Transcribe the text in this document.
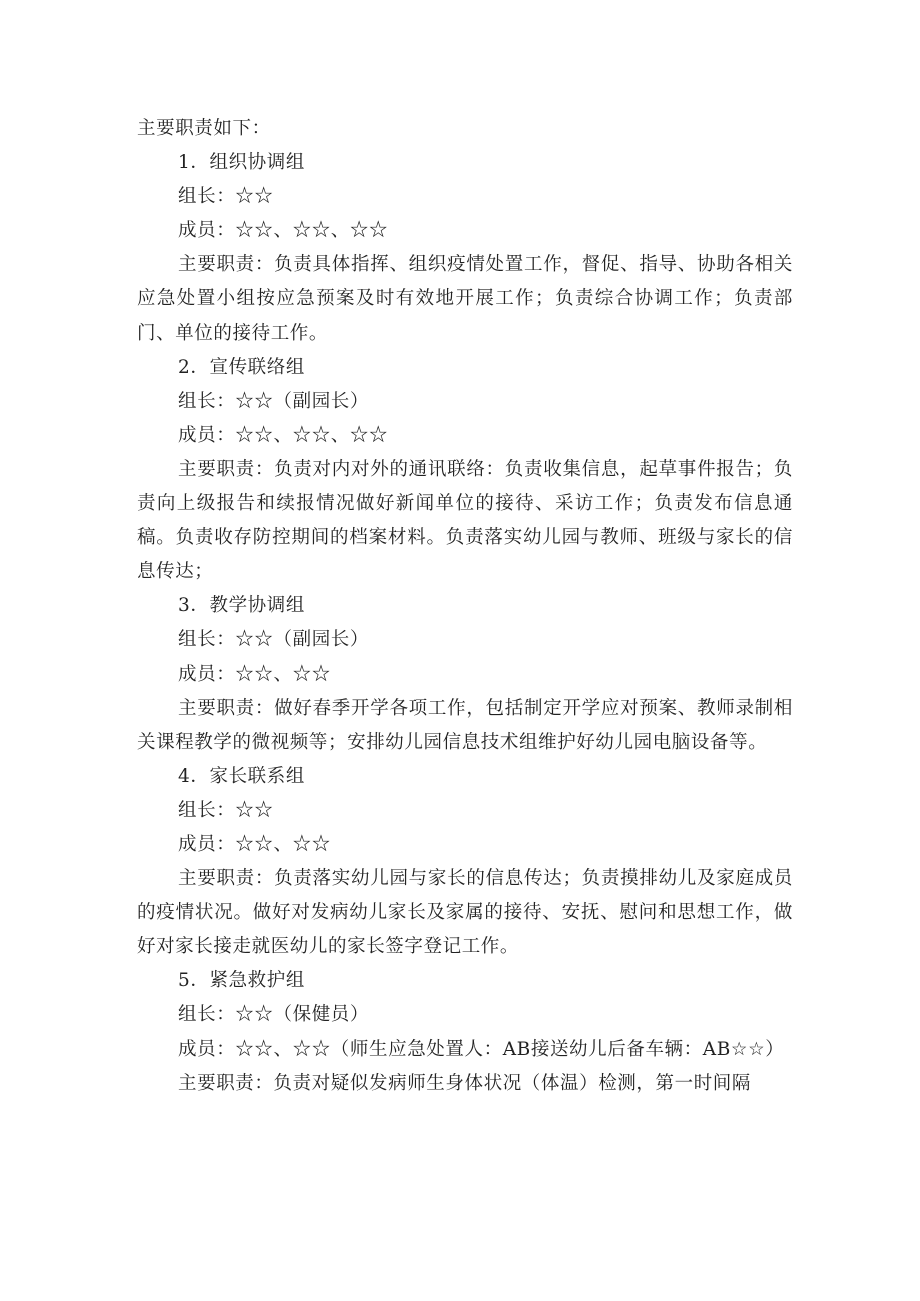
主要职责如下：

1．组织协调组

组长：☆☆

成员：☆☆、☆☆、☆☆

主要职责：负责具体指挥、组织疫情处置工作，督促、指导、协助各相关应急处置小组按应急预案及时有效地开展工作；负责综合协调工作；负责部门、单位的接待工作。

2．宣传联络组

组长：☆☆（副园长）

成员：☆☆、☆☆、☆☆

主要职责：负责对内对外的通讯联络：负责收集信息，起草事件报告；负责向上级报告和续报情况做好新闻单位的接待、采访工作；负责发布信息通稿。负责收存防控期间的档案材料。负责落实幼儿园与教师、班级与家长的信息传达；

3．教学协调组

组长：☆☆（副园长）

成员：☆☆、☆☆

主要职责：做好春季开学各项工作，包括制定开学应对预案、教师录制相关课程教学的微视频等；安排幼儿园信息技术组维护好幼儿园电脑设备等。

4．家长联系组

组长：☆☆

成员：☆☆、☆☆

主要职责：负责落实幼儿园与家长的信息传达；负责摸排幼儿及家庭成员的疫情状况。做好对发病幼儿家长及家属的接待、安抚、慰问和思想工作，做好对家长接走就医幼儿的家长签字登记工作。

5．紧急救护组

组长：☆☆（保健员）

成员：☆☆、☆☆（师生应急处置人：AB接送幼儿后备车辆：AB☆☆）

主要职责：负责对疑似发病师生身体状况（体温）检测，第一时间隔
